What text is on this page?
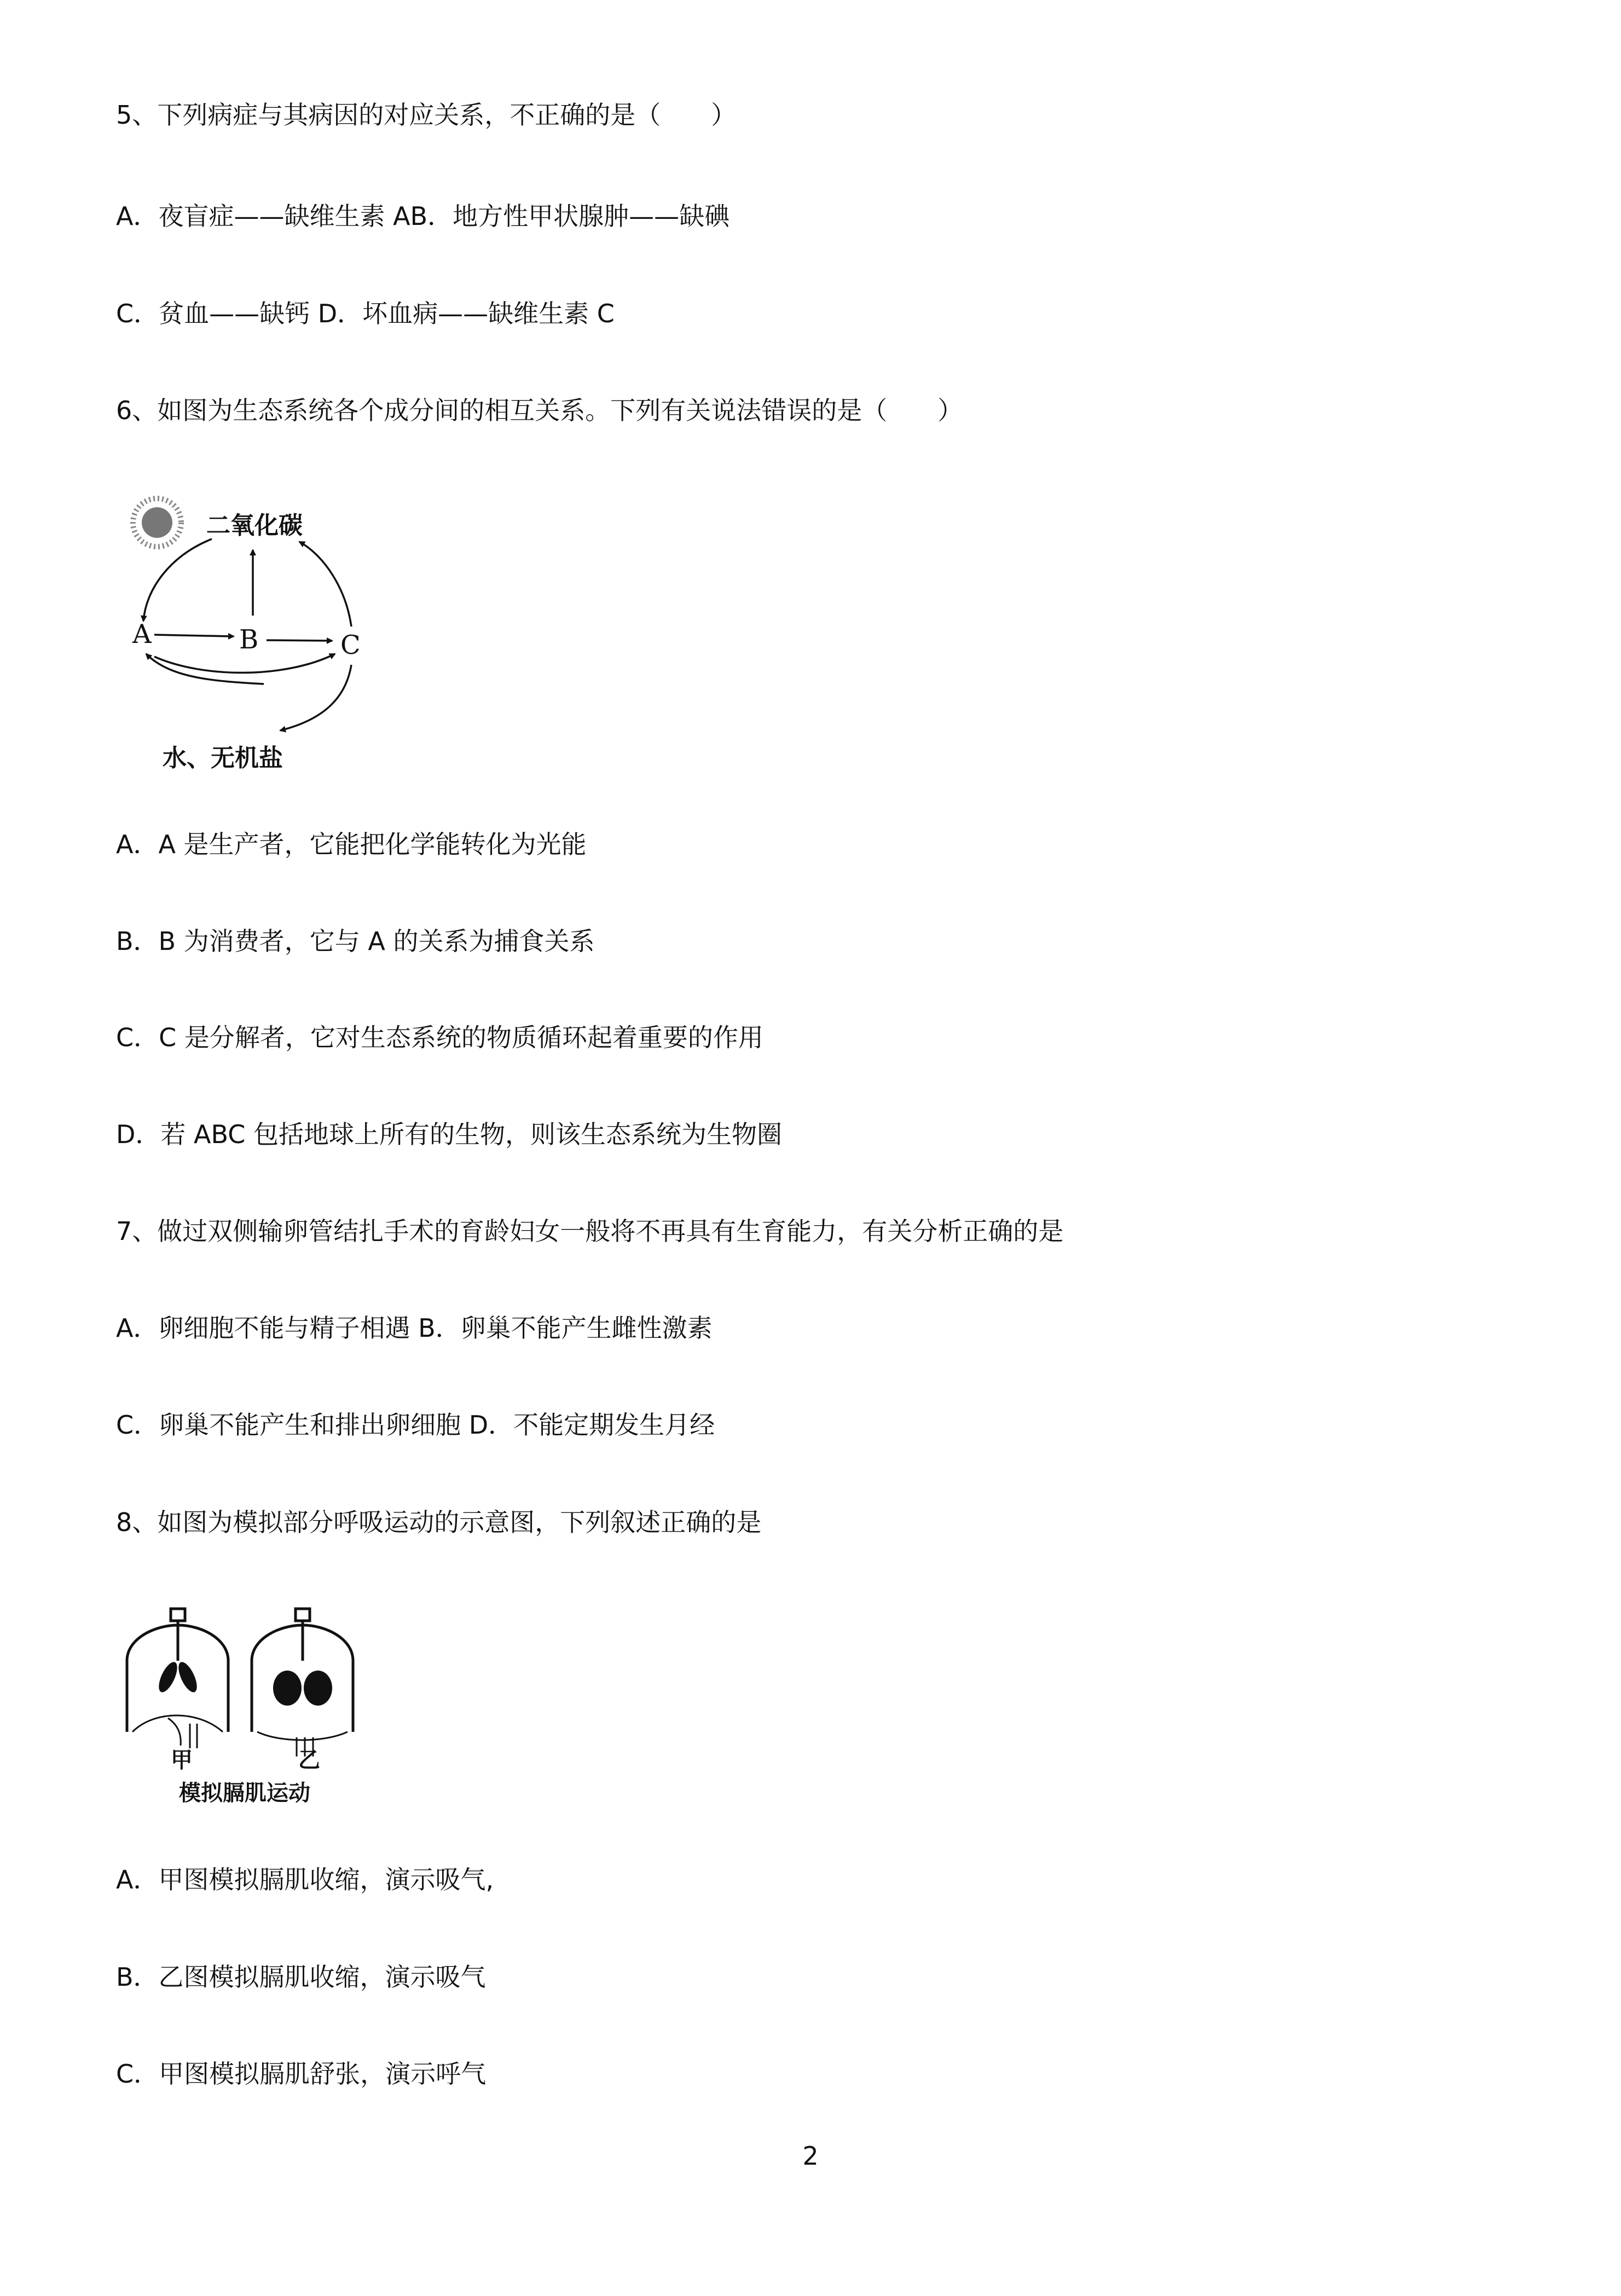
5、下列病症与其病因的对应关系，不正确的是（　　）
A．夜盲症——缺维生素 AB．地方性甲状腺肿——缺碘
C．贫血——缺钙 D．坏血病——缺维生素 C
6、如图为生态系统各个成分间的相互关系。下列有关说法错误的是（　　）
二氧化碳
A	B	C
水、无机盐
A．A 是生产者，它能把化学能转化为光能
B．B 为消费者，它与 A 的关系为捕食关系
C．C 是分解者，它对生态系统的物质循环起着重要的作用
D．若 ABC 包括地球上所有的生物，则该生态系统为生物圈
7、做过双侧输卵管结扎手术的育龄妇女一般将不再具有生育能力，有关分析正确的是
A．卵细胞不能与精子相遇 B．卵巢不能产生雌性激素
C．卵巢不能产生和排出卵细胞 D．不能定期发生月经
8、如图为模拟部分呼吸运动的示意图，下列叙述正确的是
甲	乙
模拟膈肌运动
A．甲图模拟膈肌收缩，演示吸气,
B．乙图模拟膈肌收缩，演示吸气
C．甲图模拟膈肌舒张，演示呼气
2
